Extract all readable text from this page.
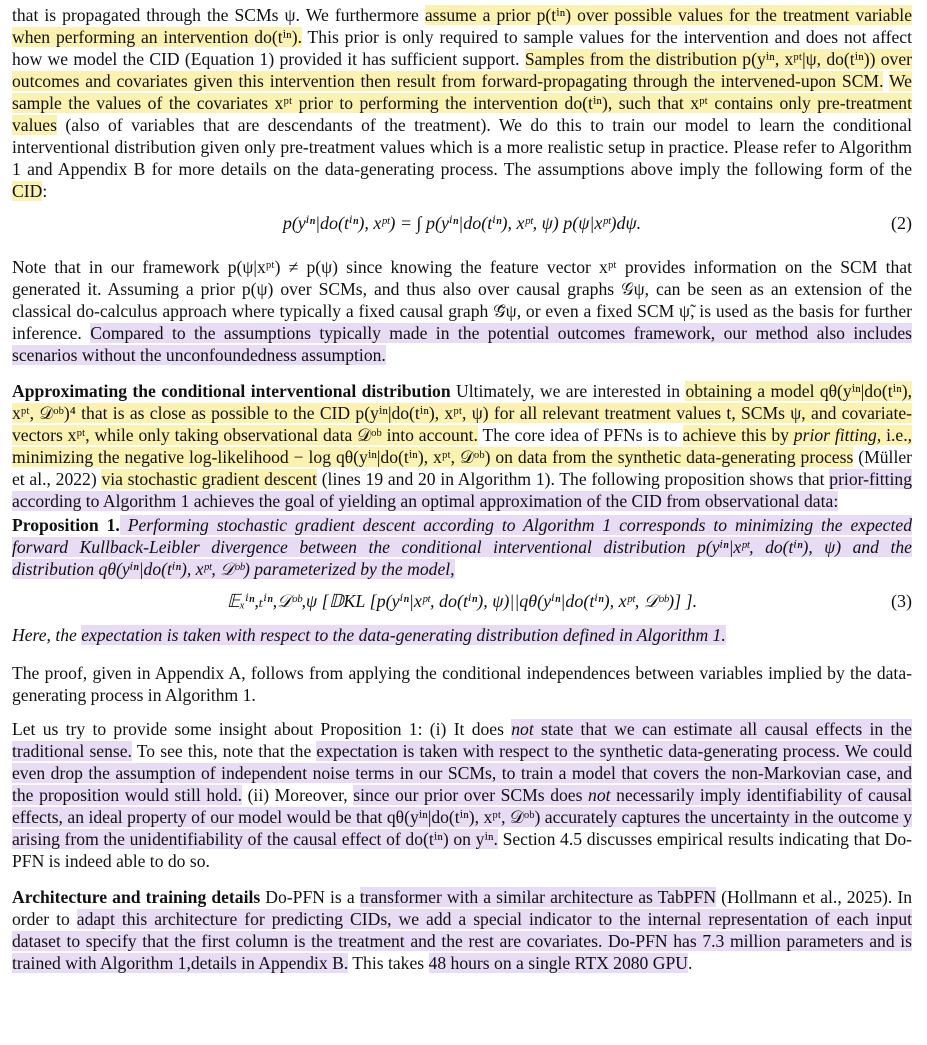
that is propagated through the SCMs ψ. We furthermore assume a prior p(tⁱⁿ) over possible values for the treatment variable when performing an intervention do(tⁱⁿ). This prior is only required to sample values for the intervention and does not affect how we model the CID (Equation 1) provided it has sufficient support. Samples from the distribution p(yⁱⁿ, xᵖᵗ|ψ, do(tⁱⁿ)) over outcomes and covariates given this intervention then result from forward-propagating through the intervened-upon SCM. We sample the values of the covariates xᵖᵗ prior to performing the intervention do(tⁱⁿ), such that xᵖᵗ contains only pre-treatment values (also of variables that are descendants of the treatment). We do this to train our model to learn the conditional interventional distribution given only pre-treatment values which is a more realistic setup in practice. Please refer to Algorithm 1 and Appendix B for more details on the data-generating process. The assumptions above imply the following form of the CID:

p(yⁱⁿ|do(tⁱⁿ), xᵖᵗ) = ∫ p(yⁱⁿ|do(tⁱⁿ), xᵖᵗ, ψ) p(ψ|xᵖᵗ)dψ.	(2)

Note that in our framework p(ψ|xᵖᵗ) ≠ p(ψ) since knowing the feature vector xᵖᵗ provides information on the SCM that generated it. Assuming a prior p(ψ) over SCMs, and thus also over causal graphs 𝒢ψ, can be seen as an extension of the classical do-calculus approach where typically a fixed causal graph 𝒢̃ψ, or even a fixed SCM ψ̃, is used as the basis for further inference. Compared to the assumptions typically made in the potential outcomes framework, our method also includes scenarios without the unconfoundedness assumption.

Approximating the conditional interventional distribution Ultimately, we are interested in obtaining a model qθ(yⁱⁿ|do(tⁱⁿ), xᵖᵗ, 𝒟ᵒᵇ)⁴ that is as close as possible to the CID p(yⁱⁿ|do(tⁱⁿ), xᵖᵗ, ψ) for all relevant treatment values t, SCMs ψ, and covariate-vectors xᵖᵗ, while only taking observational data 𝒟ᵒᵇ into account. The core idea of PFNs is to achieve this by prior fitting, i.e., minimizing the negative log-likelihood − log qθ(yⁱⁿ|do(tⁱⁿ), xᵖᵗ, 𝒟ᵒᵇ) on data from the synthetic data-generating process (Müller et al., 2022) via stochastic gradient descent (lines 19 and 20 in Algorithm 1). The following proposition shows that prior-fitting according to Algorithm 1 achieves the goal of yielding an optimal approximation of the CID from observational data:

Proposition 1. Performing stochastic gradient descent according to Algorithm 1 corresponds to minimizing the expected forward Kullback-Leibler divergence between the conditional interventional distribution p(yⁱⁿ|xᵖᵗ, do(tⁱⁿ), ψ) and the distribution qθ(yⁱⁿ|do(tⁱⁿ), xᵖᵗ, 𝒟ᵒᵇ) parameterized by the model,

𝔼ₓⁱⁿ,ₜⁱⁿ,𝒟ᵒᵇ,ψ [𝔻KL [p(yⁱⁿ|xᵖᵗ, do(tⁱⁿ), ψ)||qθ(yⁱⁿ|do(tⁱⁿ), xᵖᵗ, 𝒟ᵒᵇ)] ].	(3)

Here, the expectation is taken with respect to the data-generating distribution defined in Algorithm 1.

The proof, given in Appendix A, follows from applying the conditional independences between variables implied by the data-generating process in Algorithm 1.

Let us try to provide some insight about Proposition 1: (i) It does not state that we can estimate all causal effects in the traditional sense. To see this, note that the expectation is taken with respect to the synthetic data-generating process. We could even drop the assumption of independent noise terms in our SCMs, to train a model that covers the non-Markovian case, and the proposition would still hold. (ii) Moreover, since our prior over SCMs does not necessarily imply identifiability of causal effects, an ideal property of our model would be that qθ(yⁱⁿ|do(tⁱⁿ), xᵖᵗ, 𝒟ᵒᵇ) accurately captures the uncertainty in the outcome y arising from the unidentifiability of the causal effect of do(tⁱⁿ) on yⁱⁿ. Section 4.5 discusses empirical results indicating that Do-PFN is indeed able to do so.

Architecture and training details Do-PFN is a transformer with a similar architecture as TabPFN (Hollmann et al., 2025). In order to adapt this architecture for predicting CIDs, we add a special indicator to the internal representation of each input dataset to specify that the first column is the treatment and the rest are covariates. Do-PFN has 7.3 million parameters and is trained with Algorithm 1,details in Appendix B. This takes 48 hours on a single RTX 2080 GPU.
